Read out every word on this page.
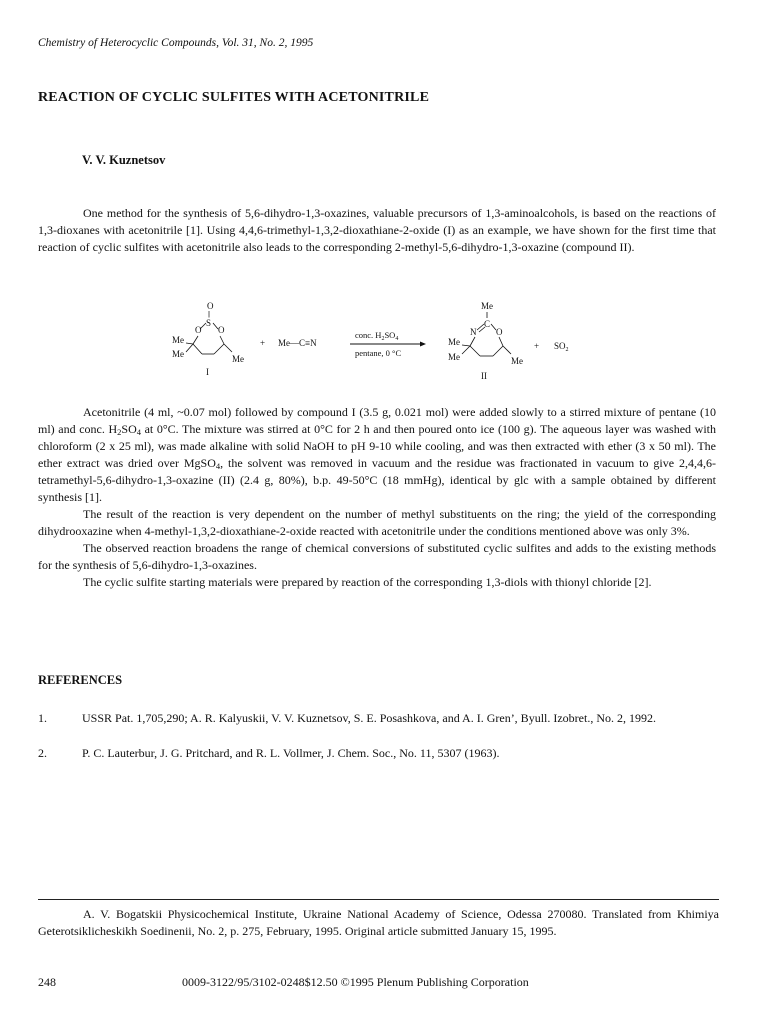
Chemistry of Heterocyclic Compounds, Vol. 31, No. 2, 1995
REACTION OF CYCLIC SULFITES WITH ACETONITRILE
V. V. Kuznetsov

One method for the synthesis of 5,6-dihydro-1,3-oxazines, valuable precursors of 1,3-aminoalcohols, is based on the reactions of 1,3-dioxanes with acetonitrile [1]. Using 4,4,6-trimethyl-1,3,2-dioxathiane-2-oxide (I) as an example, we have shown for the first time that reaction of cyclic sulfites with acetonitrile also leads to the corresponding 2-methyl-5,6-dihydro-1,3-oxazine (compound II).

O
||
S
O O
Me
Me	Me
I
+ Me—C≡N
conc. $H_2SO_4$
pentane, 0 °C
Me
C
N O
Me
Me	Me
II
+ $SO_2$

Acetonitrile (4 ml, ~0.07 mol) followed by compound I (3.5 g, 0.021 mol) were added slowly to a stirred mixture of pentane (10 ml) and conc. $H_2SO_4$ at 0°C. The mixture was stirred at 0°C for 2 h and then poured onto ice (100 g). The aqueous layer was washed with chloroform (2 x 25 ml), was made alkaline with solid NaOH to pH 9-10 while cooling, and was then extracted with ether (3 x 50 ml). The ether extract was dried over MgSO$_4$, the solvent was removed in vacuum and the residue was fractionated in vacuum to give 2,4,4,6-tetramethyl-5,6-dihydro-1,3-oxazine (II) (2.4 g, 80%), b.p. 49-50°C (18 mmHg), identical by glc with a sample obtained by different synthesis [1].

The result of the reaction is very dependent on the number of methyl substituents on the ring; the yield of the corresponding dihydrooxazine when 4-methyl-1,3,2-dioxathiane-2-oxide reacted with acetonitrile under the conditions mentioned above was only 3%.

The observed reaction broadens the range of chemical conversions of substituted cyclic sulfites and adds to the existing methods for the synthesis of 5,6-dihydro-1,3-oxazines.

The cyclic sulfite starting materials were prepared by reaction of the corresponding 1,3-diols with thionyl chloride [2].

REFERENCES
1.	USSR Pat. 1,705,290; A. R. Kalyuskii, V. V. Kuznetsov, S. E. Posashkova, and A. I. Gren’, Byull. Izobret., No. 2, 1992.
2.	P. C. Lauterbur, J. G. Pritchard, and R. L. Vollmer, J. Chem. Soc., No. 11, 5307 (1963).

A. V. Bogatskii Physicochemical Institute, Ukraine National Academy of Science, Odessa 270080. Translated from Khimiya Geterotsiklicheskikh Soedinenii, No. 2, p. 275, February, 1995. Original article submitted January 15, 1995.

248	0009-3122/95/3102-0248$12.50 ©1995 Plenum Publishing Corporation
